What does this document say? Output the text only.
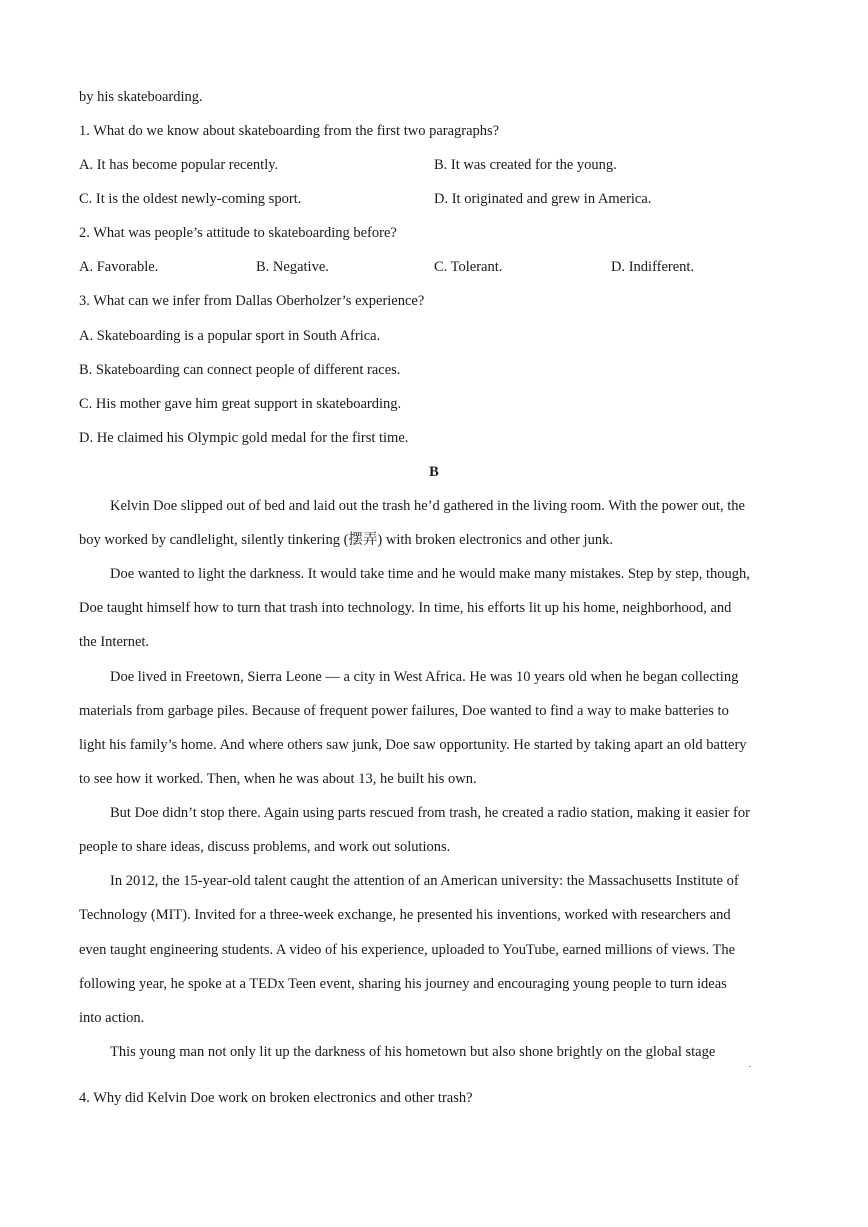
by his skateboarding.
1. What do we know about skateboarding from the first two paragraphs?
A. It has become popular recently.	B. It was created for the young.
C. It is the oldest newly-coming sport.	D. It originated and grew in America.
2. What was people’s attitude to skateboarding before?
A. Favorable.	B. Negative.	C. Tolerant.	D. Indifferent.
3. What can we infer from Dallas Oberholzer’s experience?
A. Skateboarding is a popular sport in South Africa.
B. Skateboarding can connect people of different races.
C. His mother gave him great support in skateboarding.
D. He claimed his Olympic gold medal for the first time.
B
Kelvin Doe slipped out of bed and laid out the trash he’d gathered in the living room. With the power out, the
boy worked by candlelight, silently tinkering (摆弄) with broken electronics and other junk.
Doe wanted to light the darkness. It would take time and he would make many mistakes. Step by step, though,
Doe taught himself how to turn that trash into technology. In time, his efforts lit up his home, neighborhood, and
the Internet.
Doe lived in Freetown, Sierra Leone — a city in West Africa. He was 10 years old when he began collecting
materials from garbage piles. Because of frequent power failures, Doe wanted to find a way to make batteries to
light his family’s home. And where others saw junk, Doe saw opportunity. He started by taking apart an old battery
to see how it worked. Then, when he was about 13, he built his own.
But Doe didn’t stop there. Again using parts rescued from trash, he created a radio station, making it easier for
people to share ideas, discuss problems, and work out solutions.
In 2012, the 15-year-old talent caught the attention of an American university: the Massachusetts Institute of
Technology (MIT). Invited for a three-week exchange, he presented his inventions, worked with researchers and
even taught engineering students. A video of his experience, uploaded to YouTube, earned millions of views. The
following year, he spoke at a TEDx Teen event, sharing his journey and encouraging young people to turn ideas
into action.
This young man not only lit up the darkness of his hometown but also shone brightly on the global stage
.
4. Why did Kelvin Doe work on broken electronics and other trash?
